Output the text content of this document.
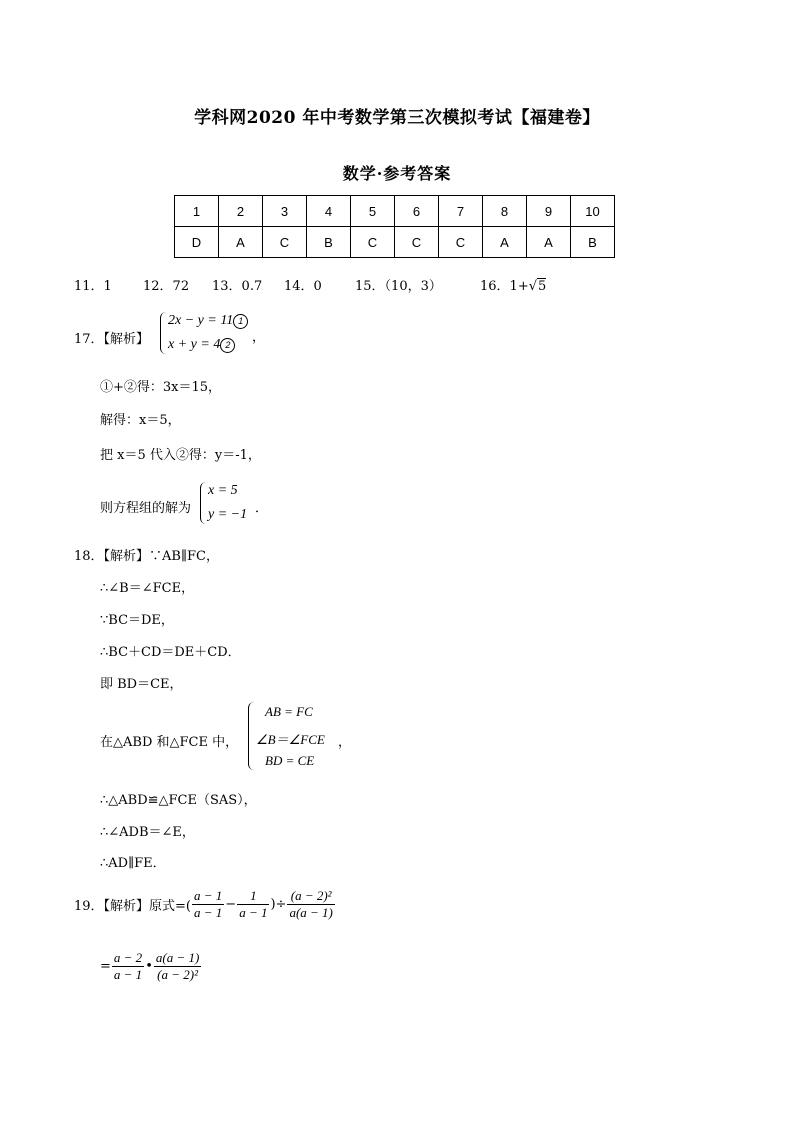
学科网2020 年中考数学第三次模拟考试【福建卷】
数学·参考答案
1	2	3	4	5	6	7	8	9	10
D	A	C	B	C	C	C	A	A	B
11．1 12．72 13．0.7 14．0	15．（10，3）	16．1+√5
17．【解析】
2x − y = 11 1
x + y = 4 2	，
①+②得：3x＝15，
解得：x＝5，
把 x＝5 代入②得：y＝-1，
则方程组的解为
x = 5
y = −1 ．
18．【解析】∵AB∥FC，
∴∠B＝∠FCE，
∵BC＝DE，
∴BC＋CD＝DE＋CD．
即 BD＝CE，
在△ABD 和△FCE 中，
AB = FC
∠B＝∠FCE
BD = CE
，
∴△ABD≌△FCE（SAS），
∴∠ADB＝∠E，
∴AD∥FE．
19．【解析】原式=( $\frac{a - 1}{a - 1} - \frac{1}{a - 1}$ )÷ $\frac{\text{(a − 2)²}}{a(a - 1)}$
= $\frac{a - 2}{a - 1}$ • $\frac{a(a - 1)}{\text{(a − 2)²}}$
